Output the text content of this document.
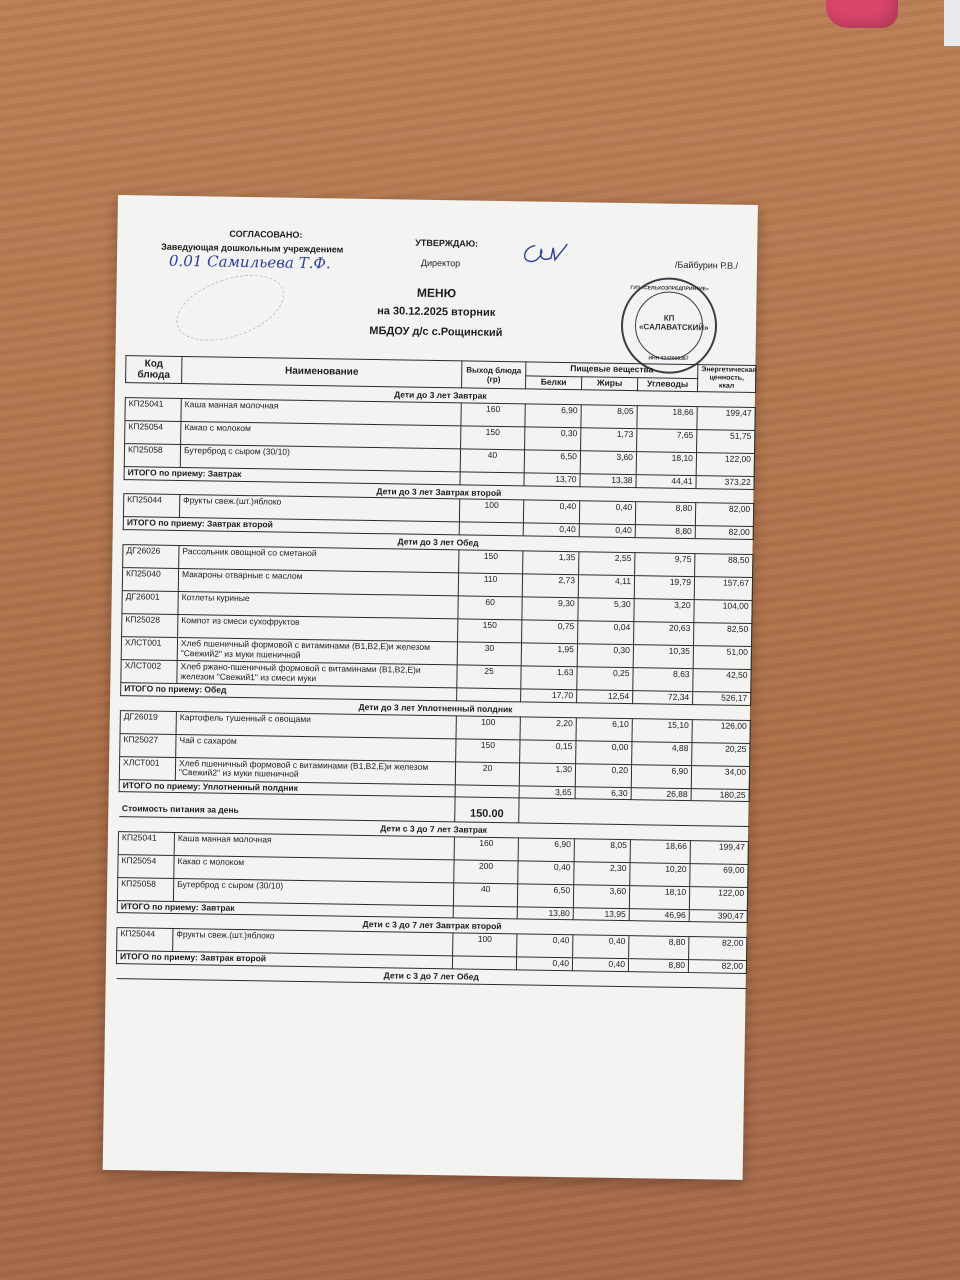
СОГЛАСОВАНО:
Заведующая дошкольным учреждением
0.01 Самильева Т.Ф.
УТВЕРЖДАЮ:
Директор	/Байбурин Р.В./
ГУП «СЕЛЬХОЗПРЕДПРИЯТИЕ»
КП «САЛАВАТСКИЙ»
ИНН 0242009387
МЕНЮ
на 30.12.2025 вторник
МБДОУ д/с с.Рощинский
Код блюда	Наименование	Выход блюда (гр)	Пищевые вещества			Энергетическая ценность, ккал
			Белки	Жиры	Углеводы	
Дети до 3 лет Завтрак						
КП25041	Каша манная молочная	160	6,90	8,05	18,66	199,47
КП25054	Какао с молоком	150	0,30	1,73	7,65	51,75
КП25058	Бутерброд с сыром (30/10)	40	6,50	3,60	18,10	122,00
ИТОГО по приему: Завтрак			13,70	13,38	44,41	373,22
Дети до 3 лет Завтрак второй						
КП25044	Фрукты свеж.(шт.)яблоко	100	0,40	0,40	8,80	82,00
ИТОГО по приему: Завтрак второй			0,40	0,40	8,80	82,00
Дети до 3 лет Обед						
ДГ26026	Рассольник овощной со сметаной	150	1,35	2,55	9,75	88,50
КП25040	Макароны отварные с маслом	110	2,73	4,11	19,79	157,67
ДГ26001	Котлеты куриные	60	9,30	5,30	3,20	104,00
КП25028	Компот из смеси сухофруктов	150	0,75	0,04	20,63	82,50
ХЛСТ001	Хлеб пшеничный формовой с витаминами (В1,В2,Е)и железом "Свежий2" из муки пшеничной	30	1,95	0,30	10,35	51,00
ХЛСТ002	Хлеб ржано-пшеничный формовой с витаминами (В1,В2,Е)и железом "Свежий1" из смеси муки	25	1,63	0,25	8,63	42,50
ИТОГО по приему: Обед			17,70	12,54	72,34	526,17
Дети до 3 лет Уплотненный полдник						
ДГ26019	Картофель тушенный с овощами	100	2,20	6,10	15,10	126,00
КП25027	Чай с сахаром	150	0,15	0,00	4,88	20,25
ХЛСТ001	Хлеб пшеничный формовой с витаминами (В1,В2,Е)и железом "Свежий2" из муки пшеничной	20	1,30	0,20	6,90	34,00
ИТОГО по приему: Уплотненный полдник			3,65	6,30	26,88	180,25
Стоимость питания за день		150.00				
Дети с 3 до 7 лет Завтрак						
КП25041	Каша манная молочная	160	6,90	8,05	18,66	199,47
КП25054	Какао с молоком	200	0,40	2,30	10,20	69,00
КП25058	Бутерброд с сыром (30/10)	40	6,50	3,60	18,10	122,00
ИТОГО по приему: Завтрак			13,80	13,95	46,96	390,47
Дети с 3 до 7 лет Завтрак второй						
КП25044	Фрукты свеж.(шт.)яблоко	100	0,40	0,40	8,80	82,00
ИТОГО по приему: Завтрак второй			0,40	0,40	8,80	82,00
Дети с 3 до 7 лет Обед						
